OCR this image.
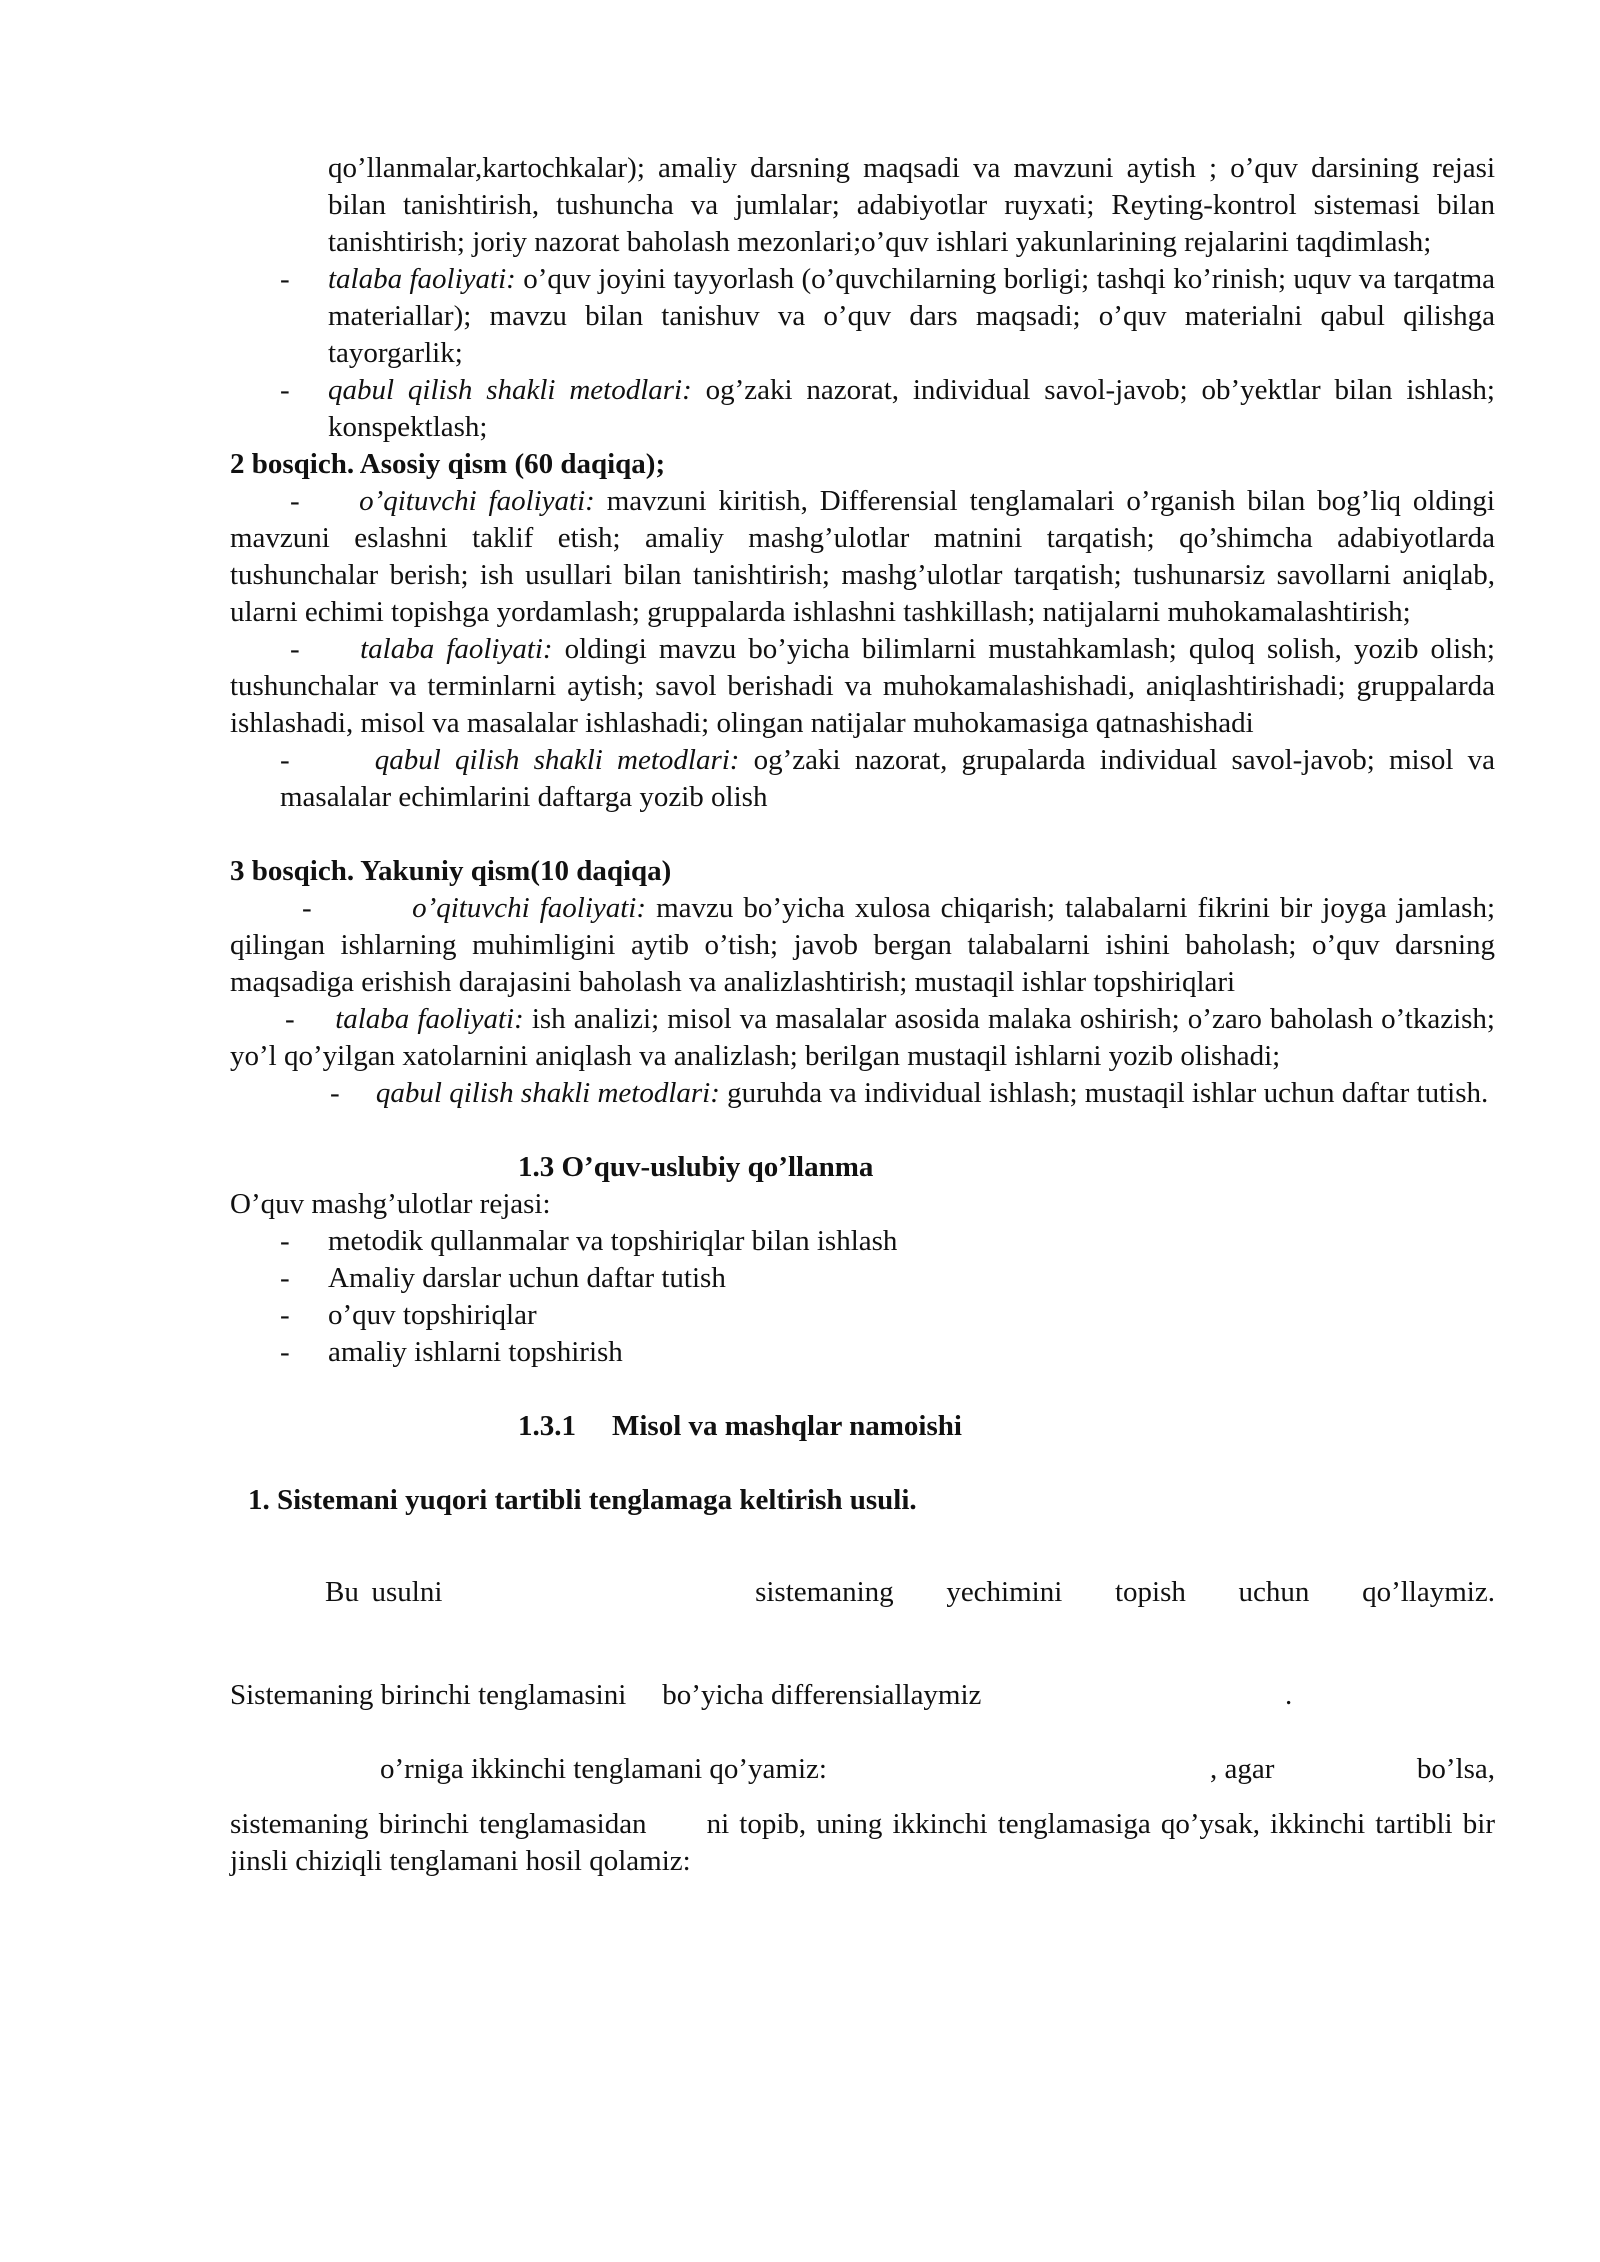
qo’llanmalar,kartochkalar); amaliy darsning maqsadi va mavzuni aytish ; o’quv darsining rejasi bilan tanishtirish, tushuncha va jumlalar; adabiyotlar ruyxati; Reyting-kontrol sistemasi bilan tanishtirish; joriy nazorat baholash mezonlari;o’quv ishlari yakunlarining rejalarini taqdimlash;

- talaba faoliyati: o’quv joyini tayyorlash (o’quvchilarning borligi; tashqi ko’rinish; uquv va tarqatma materiallar); mavzu bilan tanishuv va o’quv dars maqsadi; o’quv materialni qabul qilishga tayorgarlik;
- qabul qilish shakli metodlari: og’zaki nazorat, individual savol-javob; ob’yektlar bilan ishlash; konspektlash;

2 bosqich. Asosiy qism (60 daqiqa);

-     o’qituvchi faoliyati: mavzuni kiritish, Differensial tenglamalari o’rganish bilan bog’liq oldingi mavzuni eslashni taklif etish; amaliy mashg’ulotlar matnini tarqatish; qo’shimcha adabiyotlarda tushunchalar berish; ish usullari bilan tanishtirish; mashg’ulotlar tarqatish; tushunarsiz savollarni aniqlab, ularni echimi topishga yordamlash; gruppalarda ishlashni tashkillash; natijalarni muhokamalashtirish;

-     talaba faoliyati: oldingi mavzu bo’yicha bilimlarni mustahkamlash; quloq solish, yozib olish; tushunchalar va terminlarni aytish; savol berishadi va muhokamalashishadi, aniqlashtirishadi; gruppalarda ishlashadi, misol va masalalar ishlashadi; olingan natijalar muhokamasiga qatnashishadi

-      qabul qilish shakli metodlari: og’zaki nazorat, grupalarda individual savol-javob; misol va masalalar echimlarini daftarga yozib olish

3 bosqich. Yakuniy qism(10 daqiqa)

-          o’qituvchi faoliyati: mavzu bo’yicha xulosa chiqarish; talabalarni fikrini bir joyga jamlash; qilingan ishlarning muhimligini aytib o’tish; javob bergan talabalarni ishini baholash; o’quv darsning maqsadiga erishish darajasini baholash va analizlashtirish; mustaqil ishlar topshiriqlari

-     talaba faoliyati: ish analizi; misol va masalalar asosida malaka oshirish; o’zaro baholash o’tkazish; yo’l qo’yilgan xatolarnini aniqlash va analizlash; berilgan mustaqil ishlarni yozib olishadi;

-     qabul qilish shakli metodlari: guruhda va individual ishlash; mustaqil ishlar uchun daftar tutish.

1.3 O’quv-uslubiy qo’llanma

O’quv mashg’ulotlar rejasi:

- metodik qullanmalar va topshiriqlar bilan ishlash
- Amaliy darslar uchun daftar tutish
- o’quv topshiriqlar
- amaliy ishlarni topshirish

1.3.1 Misol va mashqlar namoishi

1. Sistemani yuqori tartibli tenglamaga keltirish usuli.

Bu usulni	sistemaning yechimini topish uchun qo’llaymiz.
Sistemaning birinchi tenglamasini bo’yicha differensiallaymiz	.
o’rniga ikkinchi tenglamani qo’yamiz:	, agar	bo’lsa,

sistemaning birinchi tenglamasidan ni topib, uning ikkinchi tenglamasiga qo’ysak, ikkinchi tartibli bir jinsli chiziqli tenglamani hosil qolamiz:
